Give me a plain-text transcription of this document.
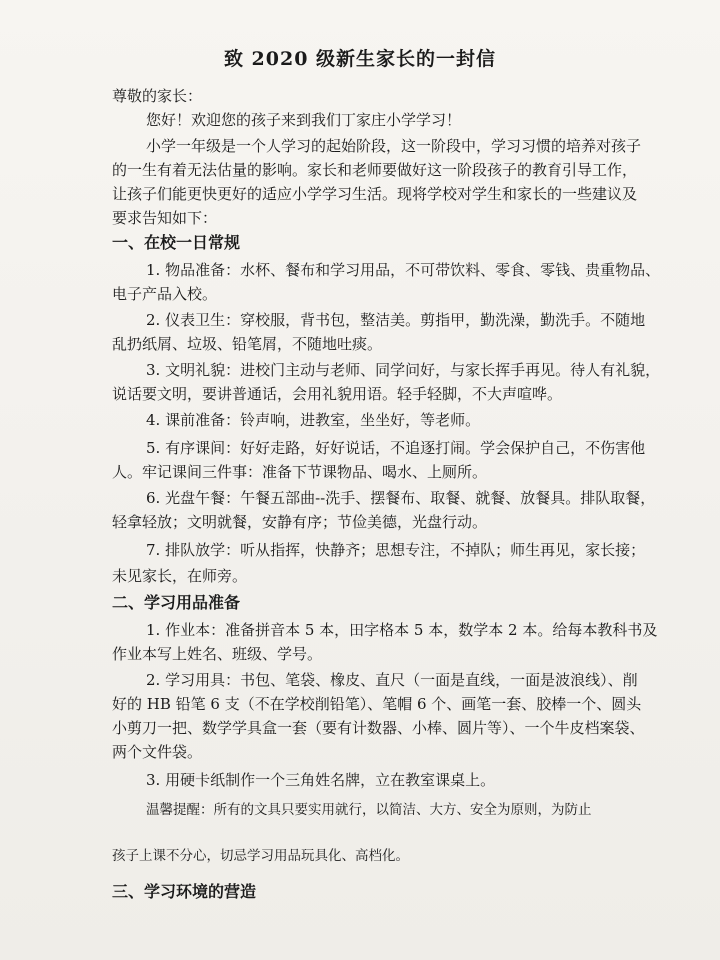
致 2020 级新生家长的一封信
尊敬的家长：
您好！欢迎您的孩子来到我们丁家庄小学学习！
小学一年级是一个人学习的起始阶段，这一阶段中，学习习惯的培养对孩子
的一生有着无法估量的影响。家长和老师要做好这一阶段孩子的教育引导工作，
让孩子们能更快更好的适应小学学习生活。现将学校对学生和家长的一些建议及
要求告知如下：
一、在校一日常规
1. 物品准备：水杯、餐布和学习用品，不可带饮料、零食、零钱、贵重物品、
电子产品入校。
2. 仪表卫生：穿校服，背书包，整洁美。剪指甲，勤洗澡，勤洗手。不随地
乱扔纸屑、垃圾、铅笔屑，不随地吐痰。
3. 文明礼貌：进校门主动与老师、同学问好，与家长挥手再见。待人有礼貌，
说话要文明，要讲普通话，会用礼貌用语。轻手轻脚，不大声喧哗。
4. 课前准备：铃声响，进教室，坐坐好，等老师。
5. 有序课间：好好走路，好好说话，不追逐打闹。学会保护自己，不伤害他
人。牢记课间三件事：准备下节课物品、喝水、上厕所。
6. 光盘午餐：午餐五部曲--洗手、摆餐布、取餐、就餐、放餐具。排队取餐，
轻拿轻放；文明就餐，安静有序；节俭美德，光盘行动。
7. 排队放学：听从指挥，快静齐；思想专注，不掉队；师生再见，家长接；
未见家长，在师旁。
二、学习用品准备
1. 作业本：准备拼音本 5 本，田字格本 5 本，数学本 2 本。给每本教科书及
作业本写上姓名、班级、学号。
2. 学习用具：书包、笔袋、橡皮、直尺（一面是直线，一面是波浪线）、削
好的 HB 铅笔 6 支（不在学校削铅笔）、笔帽 6 个、画笔一套、胶棒一个、圆头
小剪刀一把、数学学具盒一套（要有计数器、小棒、圆片等）、一个牛皮档案袋、
两个文件袋。
3. 用硬卡纸制作一个三角姓名牌，立在教室课桌上。
温馨提醒：所有的文具只要实用就行，以简洁、大方、安全为原则，为防止
孩子上课不分心，切忌学习用品玩具化、高档化。
三、学习环境的营造
